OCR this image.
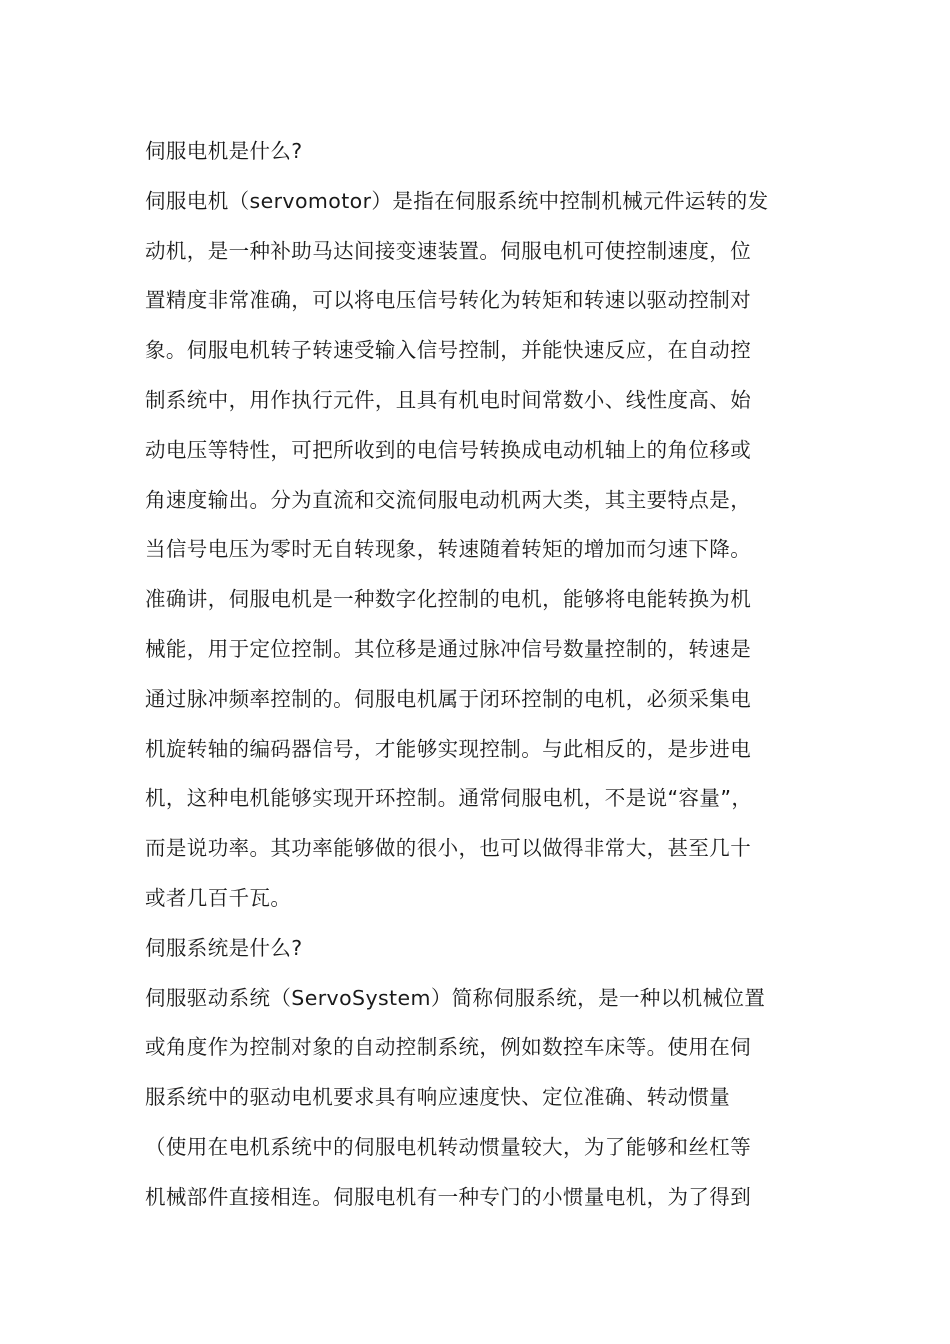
伺服电机是什么?
伺服电机（servomotor）是指在伺服系统中控制机械元件运转的发
动机，是一种补助马达间接变速装置。伺服电机可使控制速度，位
置精度非常准确，可以将电压信号转化为转矩和转速以驱动控制对
象。伺服电机转子转速受输入信号控制，并能快速反应，在自动控
制系统中，用作执行元件，且具有机电时间常数小、线性度高、始
动电压等特性，可把所收到的电信号转换成电动机轴上的角位移或
角速度输出。分为直流和交流伺服电动机两大类，其主要特点是，
当信号电压为零时无自转现象，转速随着转矩的增加而匀速下降。
准确讲，伺服电机是一种数字化控制的电机，能够将电能转换为机
械能，用于定位控制。其位移是通过脉冲信号数量控制的，转速是
通过脉冲频率控制的。伺服电机属于闭环控制的电机，必须采集电
机旋转轴的编码器信号，才能够实现控制。与此相反的，是步进电
机，这种电机能够实现开环控制。通常伺服电机，不是说“容量”，
而是说功率。其功率能够做的很小，也可以做得非常大，甚至几十
或者几百千瓦。
伺服系统是什么?
伺服驱动系统（ServoSystem）简称伺服系统，是一种以机械位置
或角度作为控制对象的自动控制系统，例如数控车床等。使用在伺
服系统中的驱动电机要求具有响应速度快、定位准确、转动惯量
（使用在电机系统中的伺服电机转动惯量较大，为了能够和丝杠等
机械部件直接相连。伺服电机有一种专门的小惯量电机，为了得到
